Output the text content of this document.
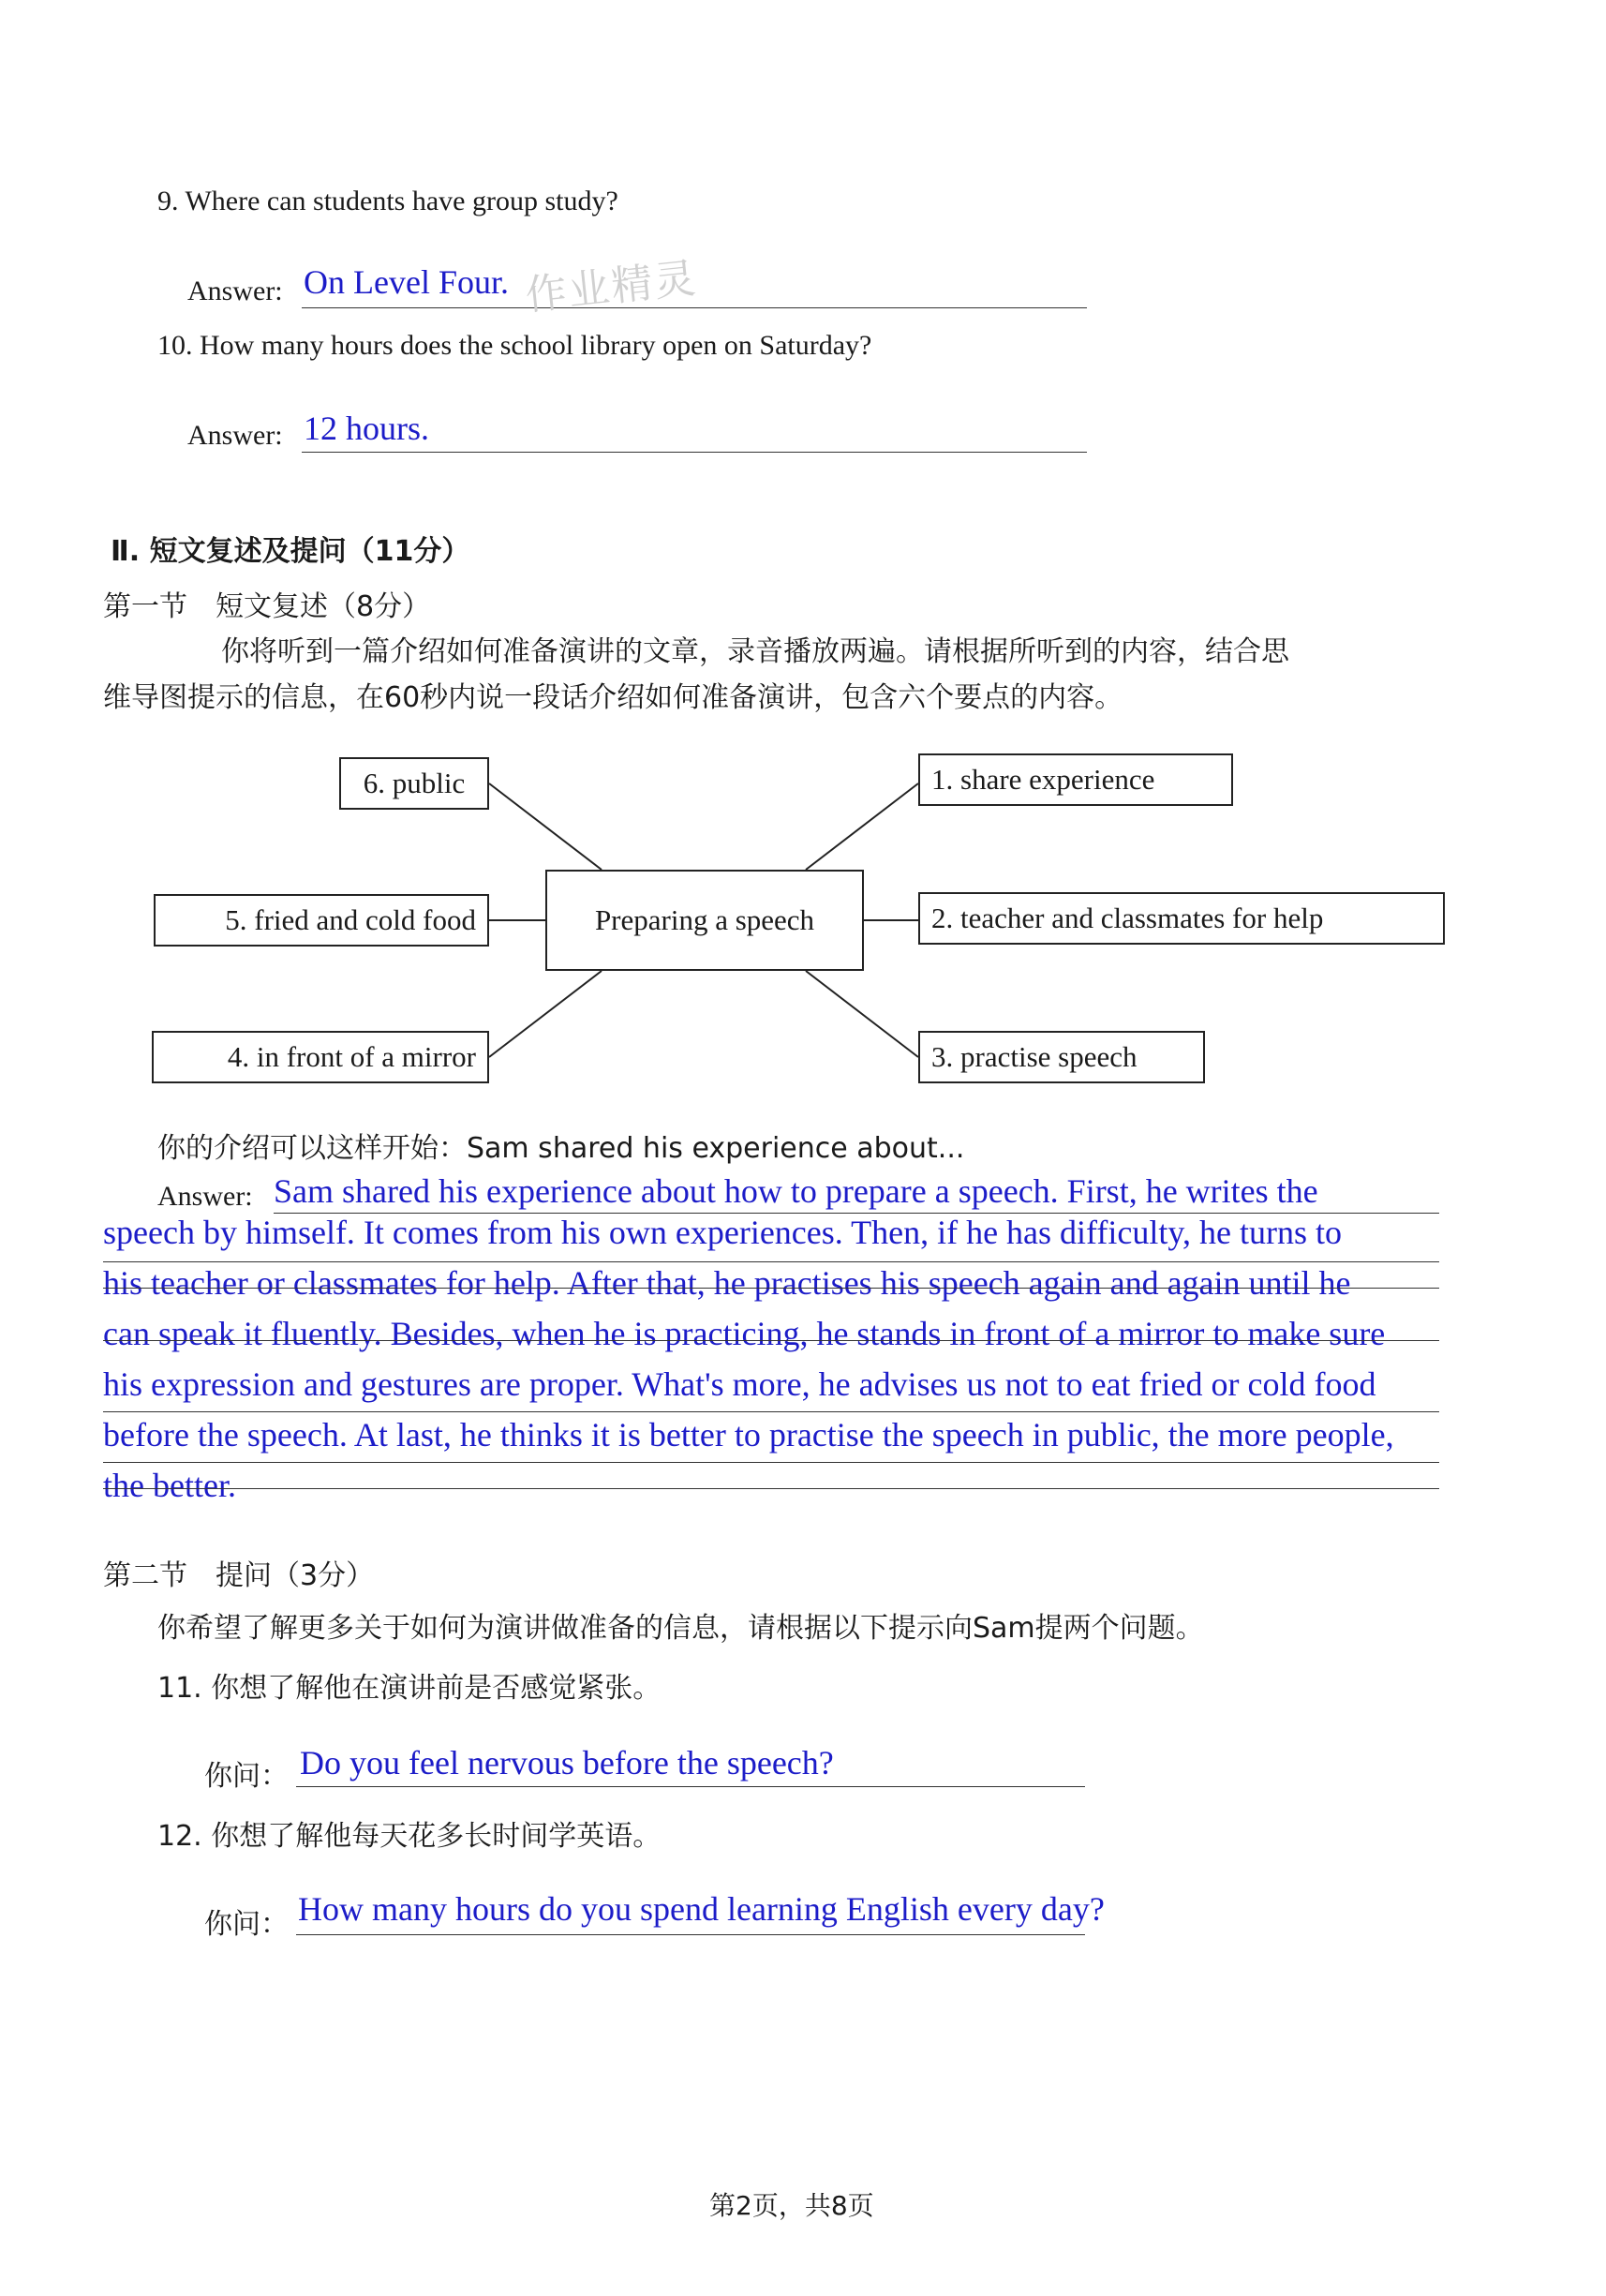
9. Where can students have group study?
Answer: On Level Four. 作业精灵
10. How many hours does the school library open on Saturday?
Answer: 12 hours.
Ⅱ. 短文复述及提问（11分）
第一节　短文复述（8分）
你将听到一篇介绍如何准备演讲的文章，录音播放两遍。请根据所听到的内容，结合思
维导图提示的信息，在60秒内说一段话介绍如何准备演讲，包含六个要点的内容。
Preparing a speech
6. public
5. fried and cold food
4. in front of a mirror
1. share experience
2. teacher and classmates for help
3. practise speech
你的介绍可以这样开始：Sam shared his experience about...
Answer: Sam shared his experience about how to prepare a speech. First, he writes the
speech by himself. It comes from his own experiences. Then, if he has difficulty, he turns to
his teacher or classmates for help. After that, he practises his speech again and again until he
can speak it fluently. Besides, when he is practicing, he stands in front of a mirror to make sure
his expression and gestures are proper. What's more, he advises us not to eat fried or cold food
before the speech. At last, he thinks it is better to practise the speech in public, the more people,
the better.
第二节　提问（3分）
你希望了解更多关于如何为演讲做准备的信息，请根据以下提示向Sam提两个问题。
11. 你想了解他在演讲前是否感觉紧张。
你问： Do you feel nervous before the speech?
12. 你想了解他每天花多长时间学英语。
你问： How many hours do you spend learning English every day?
第2页，共8页
